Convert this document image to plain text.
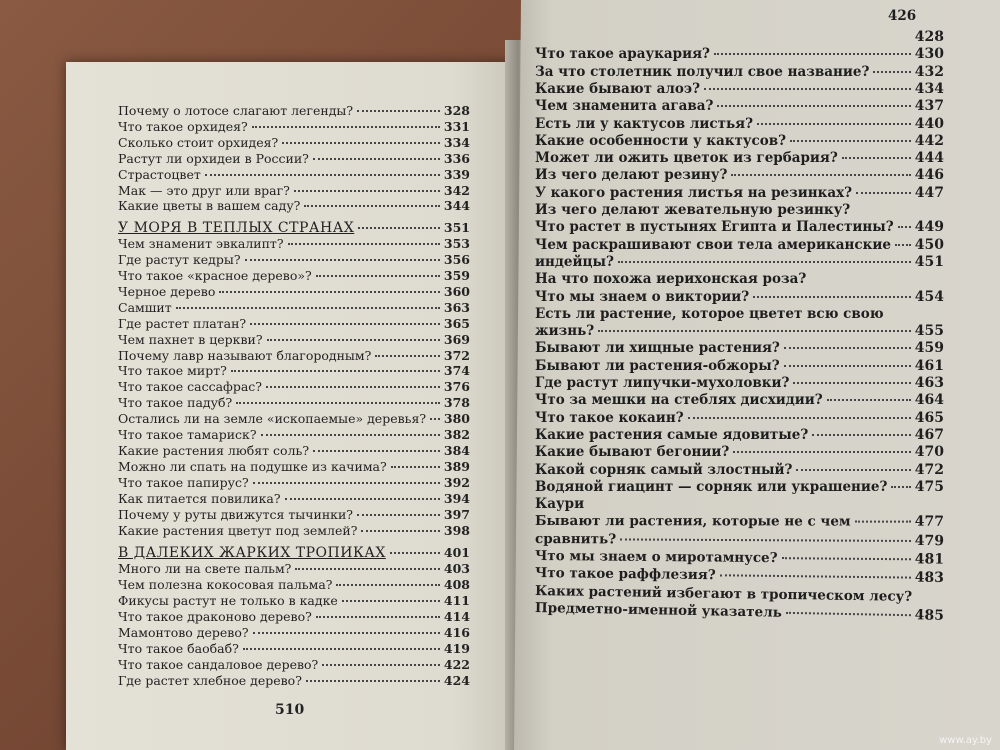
Почему о лотосе слагают легенды?	328
Что такое орхидея?	331
Сколько стоит орхидея?	334
Растут ли орхидеи в России?	336
Страстоцвет	339
Мак — это друг или враг?	342
Какие цветы в вашем саду?	344
У МОРЯ В ТЕПЛЫХ СТРАНАХ	351
Чем знаменит эвкалипт?	353
Где растут кедры?	356
Что такое «красное дерево»?	359
Черное дерево	360
Самшит	363
Где растет платан?	365
Чем пахнет в церкви?	369
Почему лавр называют благородным?	372
Что такое мирт?	374
Что такое сассафрас?	376
Что такое падуб?	378
Остались ли на земле «ископаемые» деревья? 380
Что такое тамариск?	382
Какие растения любят соль?	384
Можно ли спать на подушке из качима?	389
Что такое папирус?	392
Как питается повилика?	394
Почему у руты движутся тычинки?	397
Какие растения цветут под землей?	398
В ДАЛЕКИХ ЖАРКИХ ТРОПИКАХ	401
Много ли на свете пальм?	403
Чем полезна кокосовая пальма?	408
Фикусы растут не только в кадке	411
Что такое драконово дерево?	414
Мамонтово дерево?	416
Что такое баобаб?	419
Что такое сандаловое дерево?	422
Где растет хлебное дерево?	424
428
Что такое араукария?	430
За что столетник получил свое название?	432
Какие бывают алоэ?	434
Чем знаменита агава?	437
Есть ли у кактусов листья?	440
Какие особенности у кактусов?	442
Может ли ожить цветок из гербария?	444
Из чего делают резину?	446
У какого растения листья на резинках?	447
Из чего делают жевательную резинку?
Что растет в пустынях Египта и Палестины? 449
Чем раскрашивают свои тела американские 450
индейцы?	451
На что похожа иерихонская роза?
Что мы знаем о виктории?	454
Есть ли растение, которое цветет всю свою
жизнь?	455
Бывают ли хищные растения?	459
Бывают ли растения-обжоры?	461
Где растут липучки-мухоловки?	463
Что за мешки на стеблях дисхидии?	464
Что такое кокаин?	465
Какие растения самые ядовитые?	467
Какие бывают бегонии?	470
Какой сорняк самый злостный?	472
Водяной гиацинт — сорняк или украшение? 475
Каури
Бывают ли растения, которые не с чем	477
сравнить?	479
Что мы знаем о миротамнусе?	481
Что такое раффлезия?	483
Каких растений избегают в тропическом лесу?
Предметно-именной указатель	485
426
510
www.ay.by
